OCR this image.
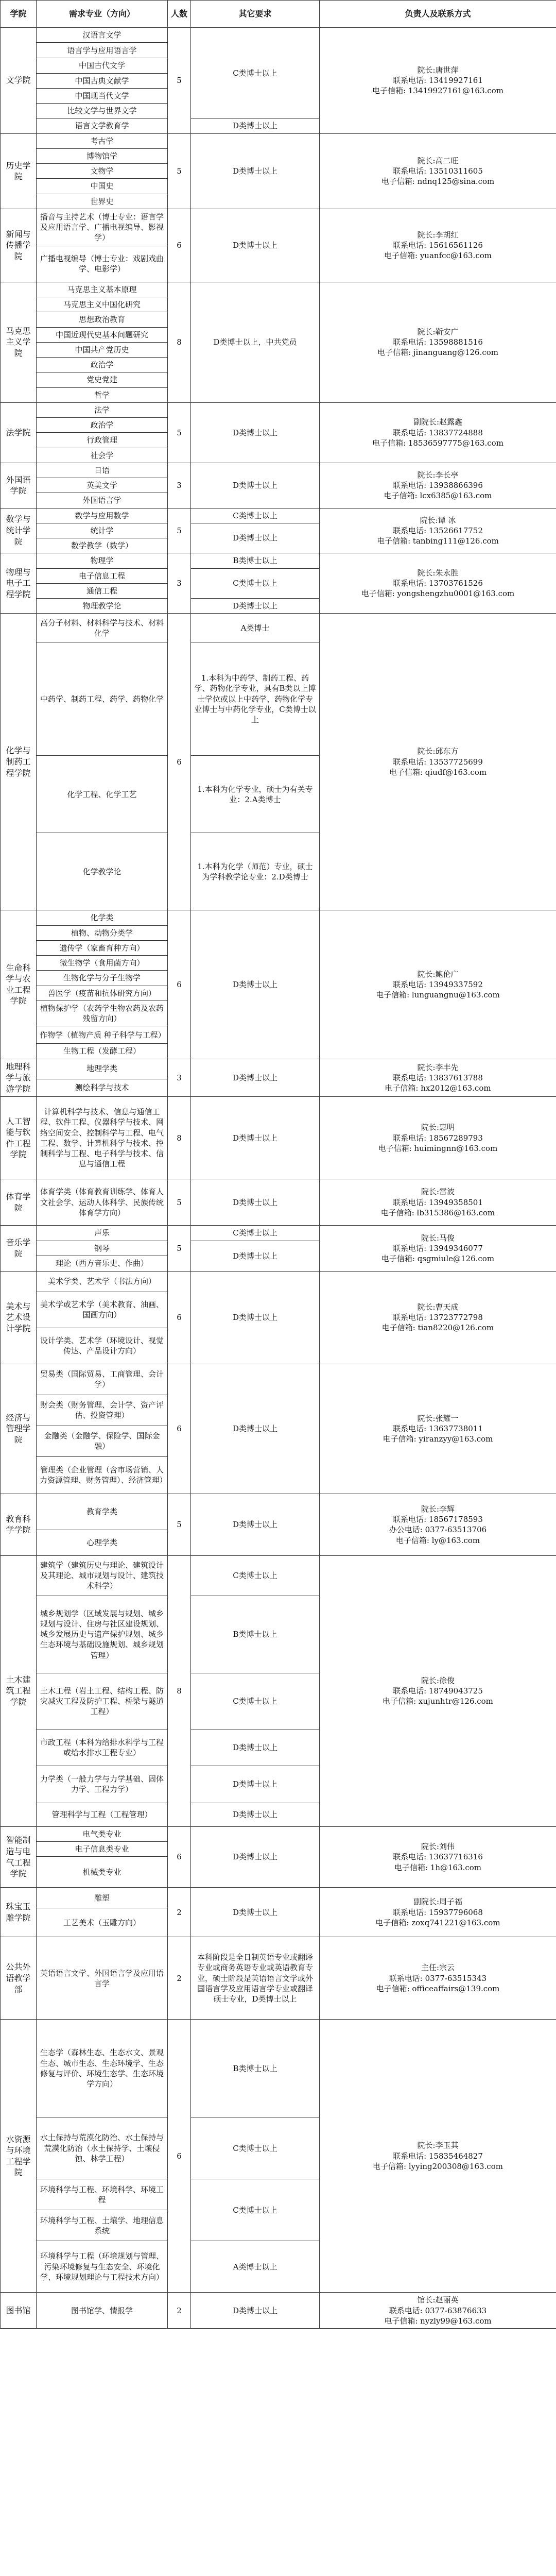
学院	需求专业（方向）	人数	其它要求	负责人及联系方式
文学院	汉语言文学	5	C类博士以上	院长:唐世萍
联系电话: 13419927161
电子信箱: 13419927161@163.com
	语言学与应用语言学			
	中国古代文学			
	中国古典文献学			
	中国现当代文学			
	比较文学与世界文学			
	语言文学教育学		D类博士以上	
历史学院	考古学	5	D类博士以上	院长:高二旺
联系电话: 13510311605
电子信箱: ndnq125@sina.com
	博物馆学			
	文物学			
	中国史			
	世界史			
新闻与传播学院	播音与主持艺术（博士专业：语言学及应用语言学、广播电视编导、影视学）	6	D类博士以上	院长:李胡红
联系电话: 15616561126
电子信箱: yuanfcc@163.com
	广播电视编导（博士专业：戏剧戏曲学、电影学）			
马克思主义学院	马克思主义基本原理	8	D类博士以上，中共党员	院长:靳安广
联系电话: 13598881516
电子信箱: jinanguang@126.com
	马克思主义中国化研究			
	思想政治教育			
	中国近现代史基本问题研究			
	中国共产党历史			
	政治学			
	党史党建			
	哲学			
法学院	法学	5	D类博士以上	副院长:赵露鑫
联系电话: 13837724888
电子信箱: 18536597775@163.com
	政治学			
	行政管理			
	社会学			
外国语学院	日语	3	D类博士以上	院长:李长亭
联系电话: 13938866396
电子信箱: lcx6385@163.com
	英美文学			
	外国语言学			
数学与统计学院	数学与应用数学	5	C类博士以上	院长:谭 冰
联系电话: 13526617752
电子信箱: tanbing111@126.com
	统计学		D类博士以上	
	数学教学（数学）			
物理与电子工程学院	物理学	3	B类博士以上	院长:朱永胜
联系电话: 13703761526
电子信箱: yongshengzhu0001@163.com
	电子信息工程		C类博士以上	
	通信工程			
	物理教学论		D类博士以上	
化学与制药工程学院	高分子材料、材料科学与技术、材料化学	6	A类博士	院长:邱东方
联系电话: 13537725699
电子信箱: qiudf@163.com
	中药学、制药工程、药学、药物化学		1.本科为中药学、制药工程、药学、药物化学专业，具有B类以上博士学位或以上中药学、药物化学专业博士与中药化学专业，C类博士以上	
	化学工程、化学工艺		1.本科为化学专业，硕士为有关专业：2.A类博士	
	化学教学论		1.本科为化学（师范）专业，硕士为学科教学论专业：2.D类博士	
生命科学与农业工程学院	化学类	6	D类博士以上	院长:鲍伦广
联系电话: 13949337592
电子信箱: lunguangnu@163.com
	植物、动物分类学			
	遗传学（家畜育种方向）			
	微生物学（食用菌方向）			
	生物化学与分子生物学			
	兽医学（疫苗和抗体研究方向）			
	植物保护学（农药学生物农药及农药残留方向）			
	作物学（植物产质 种子科学与工程）			
	生物工程（发酵工程）			
地理科学与旅游学院	地理学类	3	D类博士以上	院长:李丰先
联系电话: 13837613788
电子信箱: hx2012@163.com
	测绘科学与技术			
人工智能与软件工程学院	计算机科学与技术、信息与通信工程、软件工程、仪器科学与技术、网络空间安全、控制科学与工程、电气工程、数学、计算机科学与技术、控制科学与工程、电子科学与技术、信息与通信工程	8	D类博士以上	院长:惠明
联系电话: 18567289793
电子信箱: huimingnn@163.com
体育学院	体育学类（体育教育训练学、体育人文社会学、运动人体科学、民族传统体育学方向）	5	D类博士以上	院长:雷波
联系电话: 13949358501
电子信箱: lb315386@163.com
音乐学院	声乐	5	C类博士以上	院长:马俊
联系电话: 13949346077
电子信箱: qsgmiule@126.com
	钢琴		D类博士以上	
	理论（西方音乐史、作曲）			
美术与艺术设计学院	美术学类、艺术学（书法方向）	6	D类博士以上	院长:曹天成
联系电话: 13723772798
电子信箱: tian8220@126.com
	美术学或艺术学（美术教育、油画、国画方向）			
	设计学类、艺术学（环境设计、视觉传达、产品设计方向）			
经济与管理学院	贸易类（国际贸易、工商管理、会计学）	6	D类博士以上	院长:张耀一
联系电话: 13637738011
电子信箱: yiranzyy@163.com
	财会类（财务管理、会计学、资产评估、投资管理）			
	金融类（金融学、保险学、国际金融）			
	管理类（企业管理（含市场营销、人力资源管理、财务管理）、经济管理）			
教育科学学院	教育学类	5	D类博士以上	院长:李辉
联系电话: 18567178593
办公电话: 0377-63513706
电子信箱: ly@163.com
	心理学类			
土木建筑工程学院	建筑学（建筑历史与理论、建筑设计及其理论、城市规划与设计、建筑技术科学）	8	C类博士以上	院长:徐俊
联系电话: 18749043725
电子信箱: xujunhtr@126.com
	城乡规划学（区域发展与规划、城乡规划与设计、住房与社区建设规划、城乡发展历史与遗产保护规划、城乡生态环境与基础设施规划、城乡规划管理）		B类博士以上	
	土木工程（岩土工程、结构工程、防灾减灾工程及防护工程、桥梁与隧道工程）		C类博士以上	
	市政工程（本科为给排水科学与工程或给水排水工程专业）		D类博士以上	
	力学类（一般力学与力学基础、固体力学、工程力学）		D类博士以上	
	管理科学与工程（工程管理）		D类博士以上	
智能制造与电气工程学院	电气类专业	6	D类博士以上	院长:刘伟
联系电话: 13637716316
电子信箱: 1h@163.com
	电子信息类专业			
	机械类专业			
珠宝玉雕学院	雕塑	2	D类博士以上	副院长:周子福
联系电话: 15937796068
电子信箱: zoxq741221@163.com
	工艺美术（玉雕方向）			
公共外语教学部	英语语言文学、外国语言学及应用语言学	2	本科阶段是全日制英语专业或翻译专业或商务英语专业或英语教育专业，硕士阶段是英语语言文学或外国语言学及应用语言学专业或翻译硕士专业，D类博士以上	主任:宗云
联系电话: 0377-63515343
电子信箱: officeaffairs@139.com
水资源与环境工程学院	生态学（森林生态、生态水文、景观生态、城市生态、生态环境学、生态修复与评价、环境生态学、生态环境学方向）	6	B类博士以上	院长:李玉其
联系电话: 15835464827
电子信箱: lyying200308@163.com
	水土保持与荒漠化防治、水土保持与荒漠化防治（水土保持学、土壤侵蚀、林学工程）		C类博士以上	
	环境科学与工程、环境科学、环境工程		C类博士以上	
	环境科学与工程、土壤学、地理信息系统			
	环境科学与工程（环境规划与管理、污染环境修复与生态安全、环境化学、环境规划理论与工程技术方向）		A类博士以上	
图书馆	图书馆学、情报学	2	D类博士以上	馆长:赵丽英
联系电话: 0377-63876633
电子信箱: nyzly99@163.com
